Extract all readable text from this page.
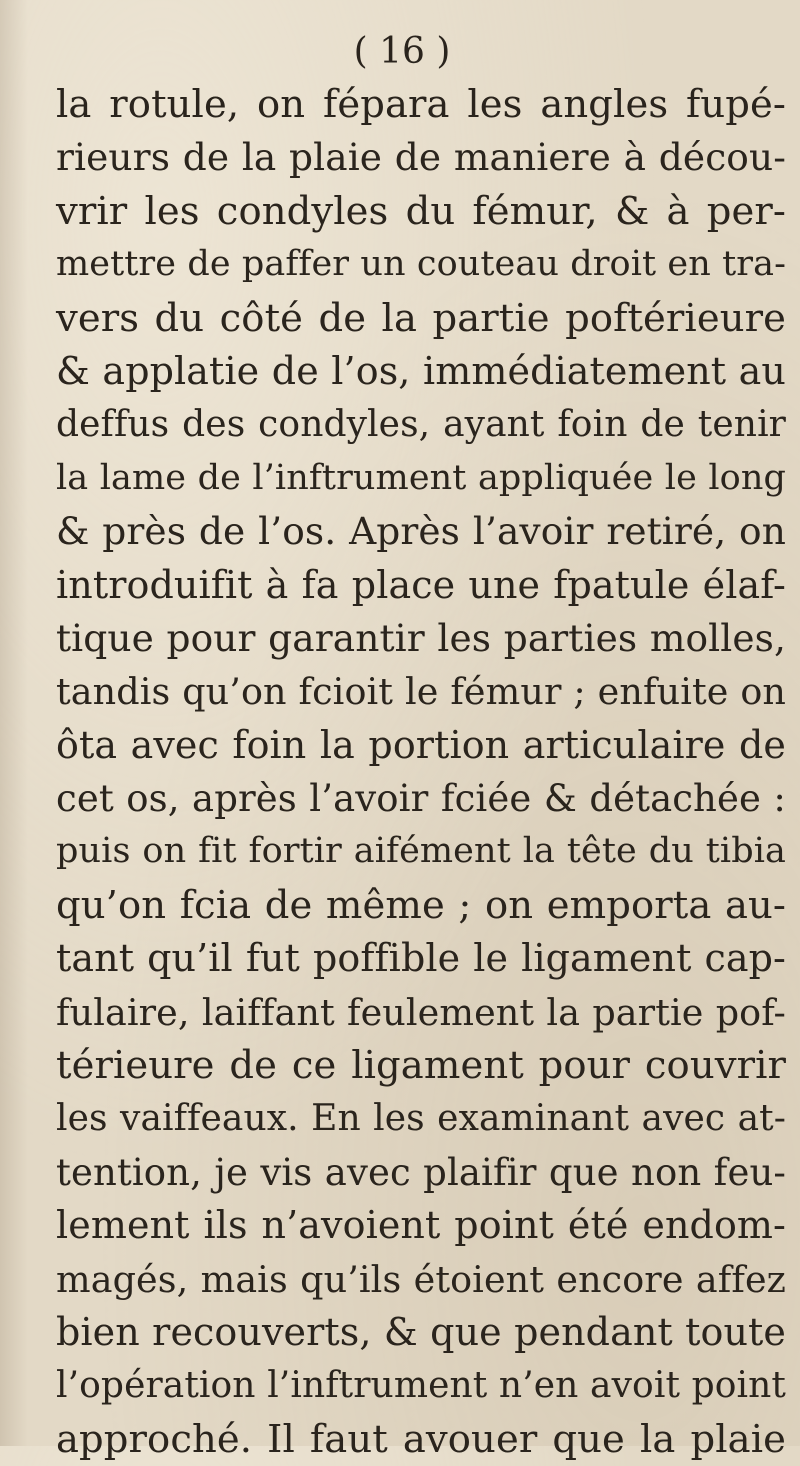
( 16 )
la rotule, on fépara les angles fupé-
rieurs de la plaie de maniere à décou-
vrir les condyles du fémur, & à per-
mettre de paffer un couteau droit en tra-
vers du côté de la partie poftérieure
& applatie de l’os, immédiatement au
deffus des condyles, ayant foin de tenir
la lame de l’inftrument appliquée le long
& près de l’os. Après l’avoir retiré, on
introduifit à fa place une fpatule élaf-
tique pour garantir les parties molles,
tandis qu’on fcioit le fémur ; enfuite on
ôta avec foin la portion articulaire de
cet os, après l’avoir fciée & détachée :
puis on fit fortir aifément la tête du tibia
qu’on fcia de même ; on emporta au-
tant qu’il fut poffible le ligament cap-
fulaire, laiffant feulement la partie pof-
térieure de ce ligament pour couvrir
les vaiffeaux. En les examinant avec at-
tention, je vis avec plaifir que non feu-
lement ils n’avoient point été endom-
magés, mais qu’ils étoient encore affez
bien recouverts, & que pendant toute
l’opération l’inftrument n’en avoit point
approché. Il faut avouer que la plaie
